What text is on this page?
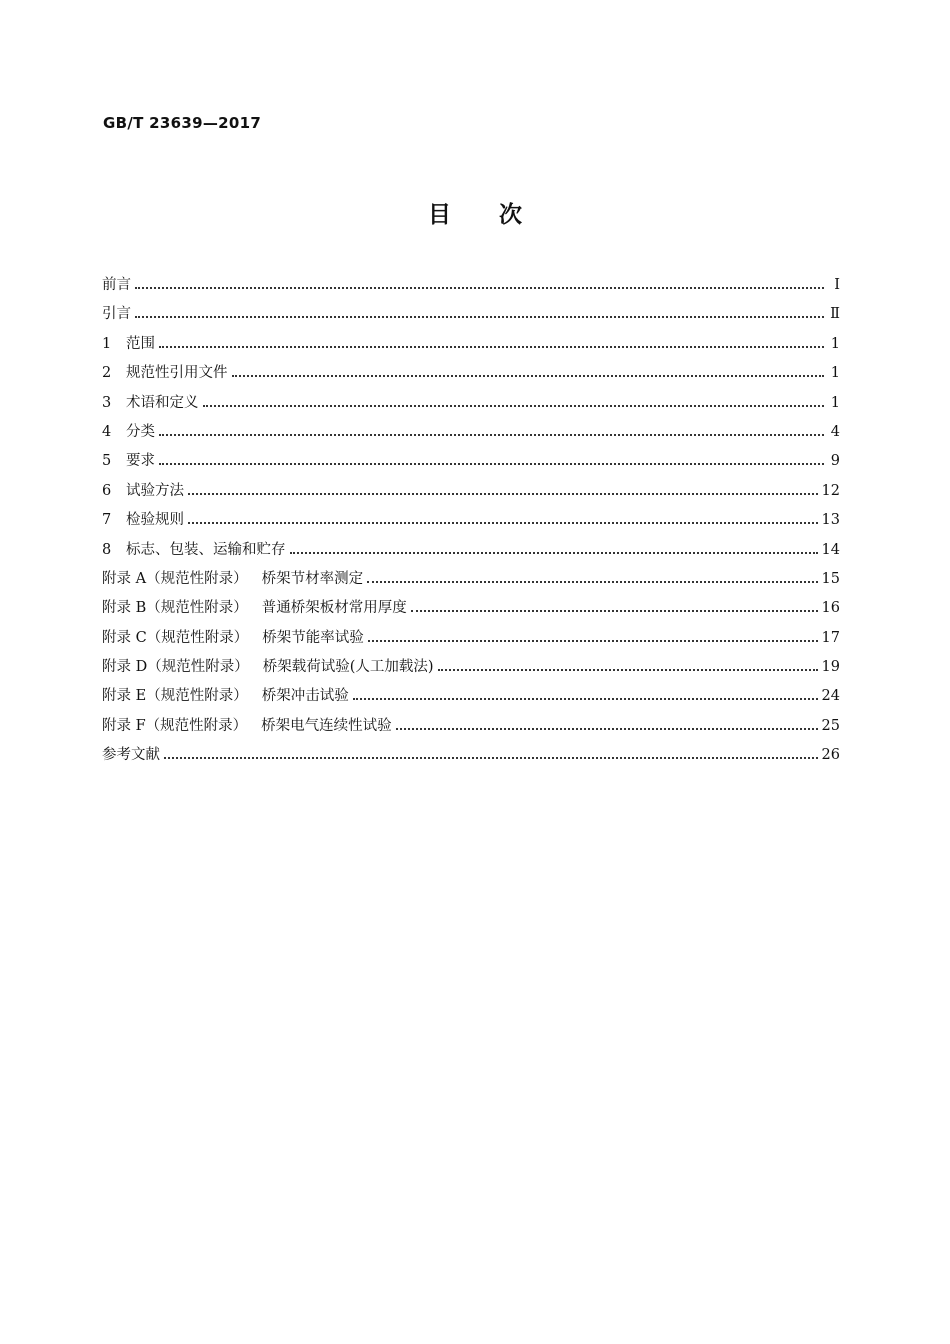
GB/T 23639—2017
目 次
前言	Ⅰ
引言	Ⅱ
1 范围	1
2 规范性引用文件	1
3 术语和定义	1
4 分类	4
5 要求	9
6 试验方法	12
7 检验规则	13
8 标志、包装、运输和贮存	14
附录 A（规范性附录） 桥架节材率测定	15
附录 B（规范性附录） 普通桥架板材常用厚度	16
附录 C（规范性附录） 桥架节能率试验	17
附录 D（规范性附录） 桥架载荷试验(人工加载法)	19
附录 E（规范性附录） 桥架冲击试验	24
附录 F（规范性附录） 桥架电气连续性试验	25
参考文献	26
